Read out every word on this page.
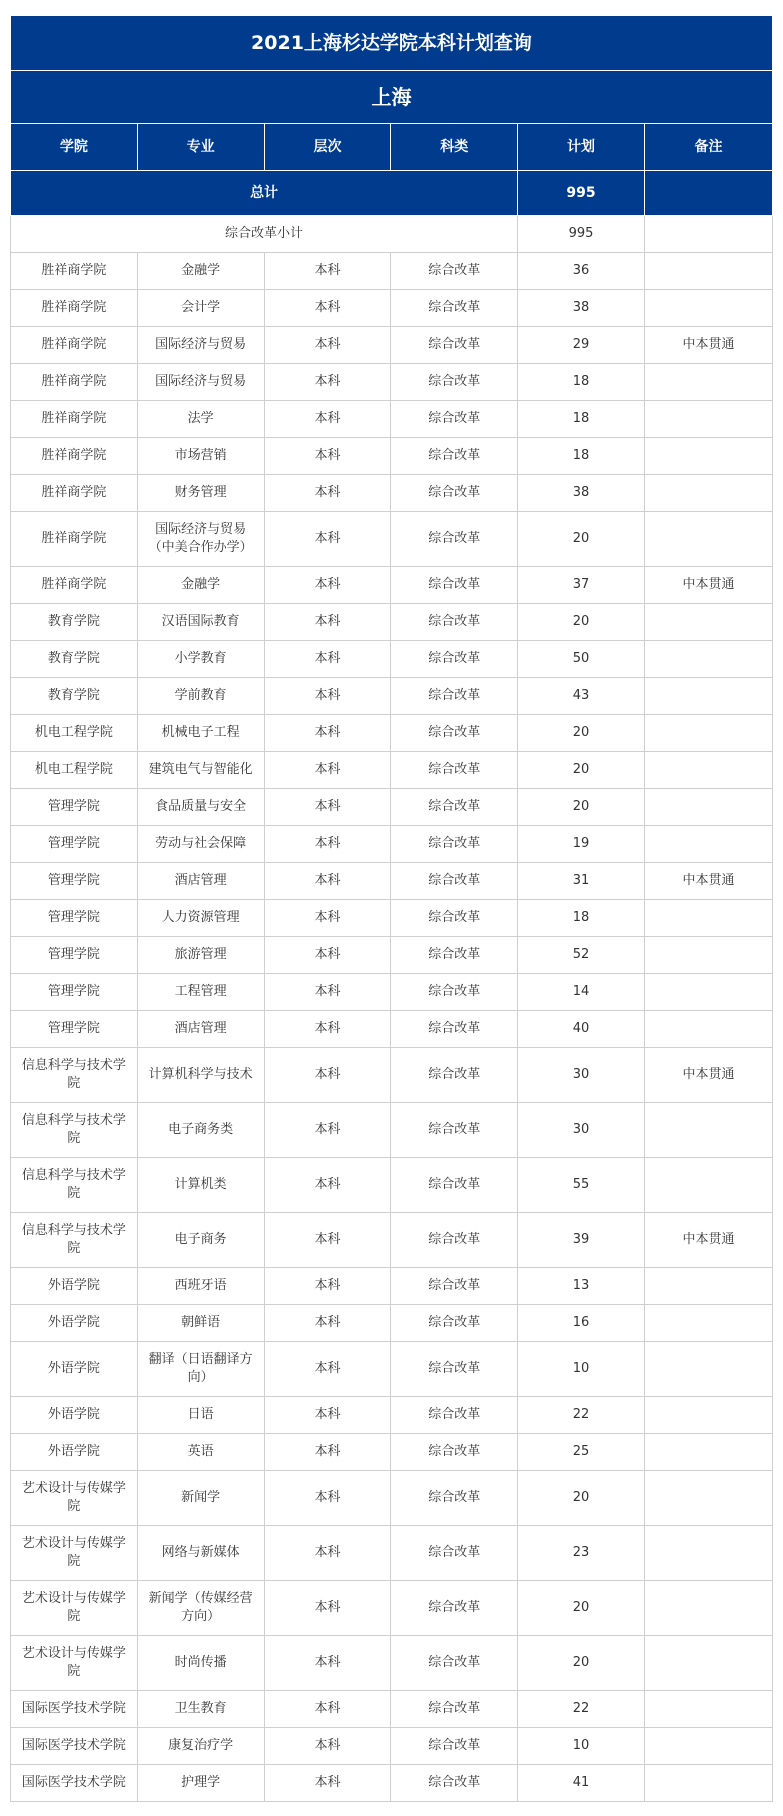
2021上海杉达学院本科计划查询					
上海					
学院	专业	层次	科类	计划	备注
总计				995	
综合改革小计				995	
胜祥商学院	金融学	本科	综合改革	36	
胜祥商学院	会计学	本科	综合改革	38	
胜祥商学院	国际经济与贸易	本科	综合改革	29	中本贯通
胜祥商学院	国际经济与贸易	本科	综合改革	18	
胜祥商学院	法学	本科	综合改革	18	
胜祥商学院	市场营销	本科	综合改革	18	
胜祥商学院	财务管理	本科	综合改革	38	
胜祥商学院	国际经济与贸易（中美合作办学）	本科	综合改革	20	
胜祥商学院	金融学	本科	综合改革	37	中本贯通
教育学院	汉语国际教育	本科	综合改革	20	
教育学院	小学教育	本科	综合改革	50	
教育学院	学前教育	本科	综合改革	43	
机电工程学院	机械电子工程	本科	综合改革	20	
机电工程学院	建筑电气与智能化	本科	综合改革	20	
管理学院	食品质量与安全	本科	综合改革	20	
管理学院	劳动与社会保障	本科	综合改革	19	
管理学院	酒店管理	本科	综合改革	31	中本贯通
管理学院	人力资源管理	本科	综合改革	18	
管理学院	旅游管理	本科	综合改革	52	
管理学院	工程管理	本科	综合改革	14	
管理学院	酒店管理	本科	综合改革	40	
信息科学与技术学院	计算机科学与技术	本科	综合改革	30	中本贯通
信息科学与技术学院	电子商务类	本科	综合改革	30	
信息科学与技术学院	计算机类	本科	综合改革	55	
信息科学与技术学院	电子商务	本科	综合改革	39	中本贯通
外语学院	西班牙语	本科	综合改革	13	
外语学院	朝鲜语	本科	综合改革	16	
外语学院	翻译（日语翻译方向）	本科	综合改革	10	
外语学院	日语	本科	综合改革	22	
外语学院	英语	本科	综合改革	25	
艺术设计与传媒学院	新闻学	本科	综合改革	20	
艺术设计与传媒学院	网络与新媒体	本科	综合改革	23	
艺术设计与传媒学院	新闻学（传媒经营方向）	本科	综合改革	20	
艺术设计与传媒学院	时尚传播	本科	综合改革	20	
国际医学技术学院	卫生教育	本科	综合改革	22	
国际医学技术学院	康复治疗学	本科	综合改革	10	
国际医学技术学院	护理学	本科	综合改革	41	
